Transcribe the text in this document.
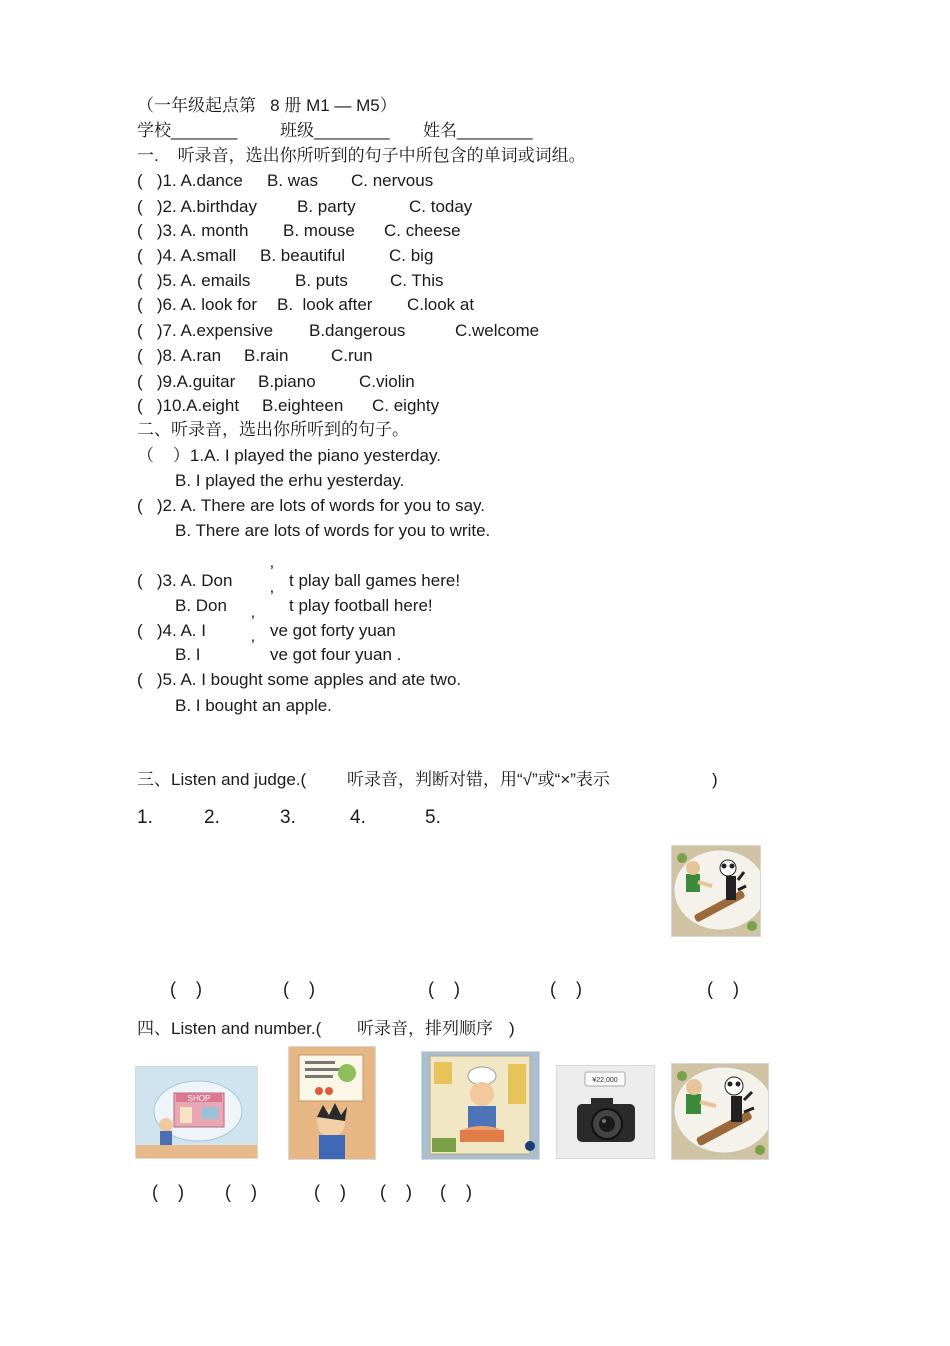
（一年级起点第   8 册 M1 — M5）
学校_______	班级________ 姓名________
一.    听录音，选出你所听到的句子中所包含的单词或词组。
(   )1. A.dance B. was C. nervous
(   )2. A.birthday B. party	C. today
(   )3. A. month B. mouse C. cheese
(   )4. A.small B. beautiful	C. big
(   )5. A. emails	B. puts C. This
(   )6. A. look for B.  look after C.look at
(   )7. A.expensive B.dangerous	C.welcome
(   )8. A.ran B.rain	C.run
(   )9.A.guitar B.piano	C.violin
(   )10.A.eight B.eighteen C. eighty
二、听录音，选出你所听到的句子。
（    ）1.A. I played the piano yesterday.
B. I played the erhu yesterday.
(   )2. A. There are lots of words for you to say.
B. There are lots of words for you to write.
(   )3. A. Don ’ t play ball games here!
B. Don	’ t play football here!
(   )4. A. I	’ ve got forty yuan
B. I	’ ve got four yuan .
(   )5. A. I bought some apples and ate two.
B. I bought an apple.
三、Listen and judge.( 听录音，判断对错，用“√”或“×”表示	)
1.	2.	3.	4.	5.
(    )	(    )	(    )	(    )	(    )
四、Listen and number.( 听录音，排列顺序 )
SHOP
¥22,000
(    ) (    )	(    ) (    ) (    )
